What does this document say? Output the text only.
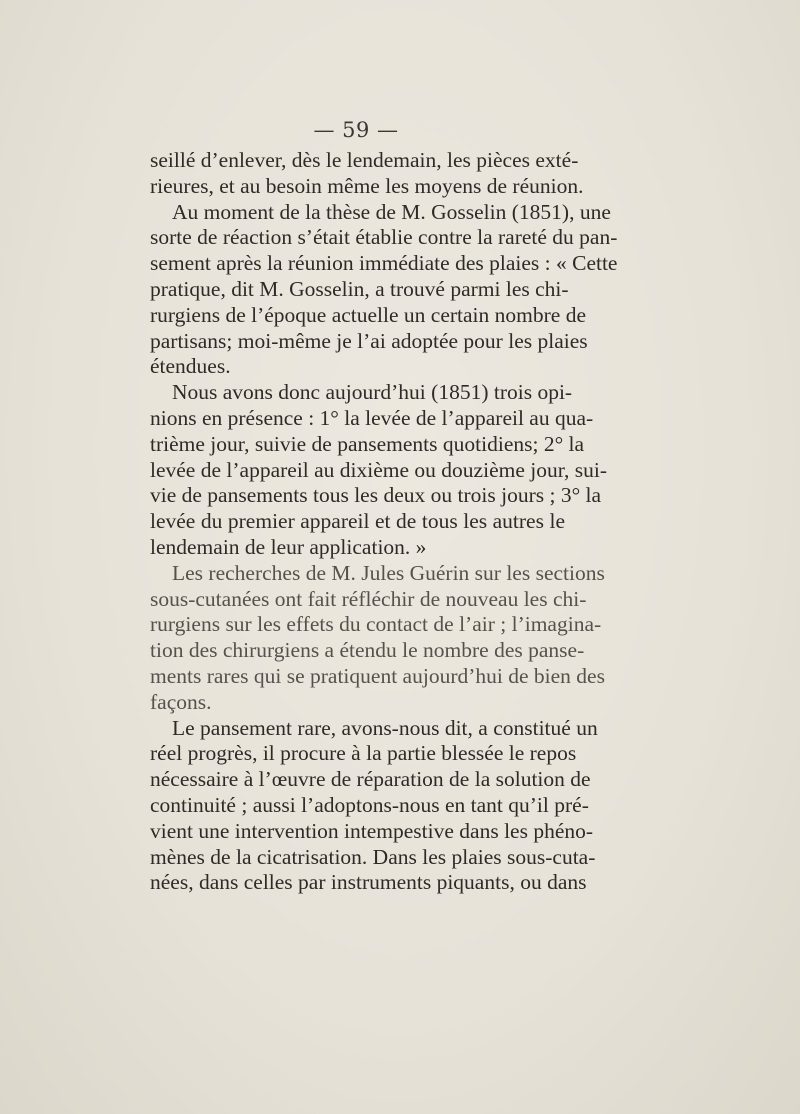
— 59 —
seillé d’enlever, dès le lendemain, les pièces exté-
rieures, et au besoin même les moyens de réunion.
Au moment de la thèse de M. Gosselin (1851), une
sorte de réaction s’était établie contre la rareté du pan-
sement après la réunion immédiate des plaies : « Cette
pratique, dit M. Gosselin, a trouvé parmi les chi-
rurgiens de l’époque actuelle un certain nombre de
partisans; moi-même je l’ai adoptée pour les plaies
étendues.
Nous avons donc aujourd’hui (1851) trois opi-
nions en présence : 1° la levée de l’appareil au qua-
trième jour, suivie de pansements quotidiens; 2° la
levée de l’appareil au dixième ou douzième jour, sui-
vie de pansements tous les deux ou trois jours ; 3° la
levée du premier appareil et de tous les autres le
lendemain de leur application. »
Les recherches de M. Jules Guérin sur les sections
sous-cutanées ont fait réfléchir de nouveau les chi-
rurgiens sur les effets du contact de l’air ; l’imagina-
tion des chirurgiens a étendu le nombre des panse-
ments rares qui se pratiquent aujourd’hui de bien des
façons.
Le pansement rare, avons-nous dit, a constitué un
réel progrès, il procure à la partie blessée le repos
nécessaire à l’œuvre de réparation de la solution de
continuité ; aussi l’adoptons-nous en tant qu’il pré-
vient une intervention intempestive dans les phéno-
mènes de la cicatrisation. Dans les plaies sous-cuta-
nées, dans celles par instruments piquants, ou dans
